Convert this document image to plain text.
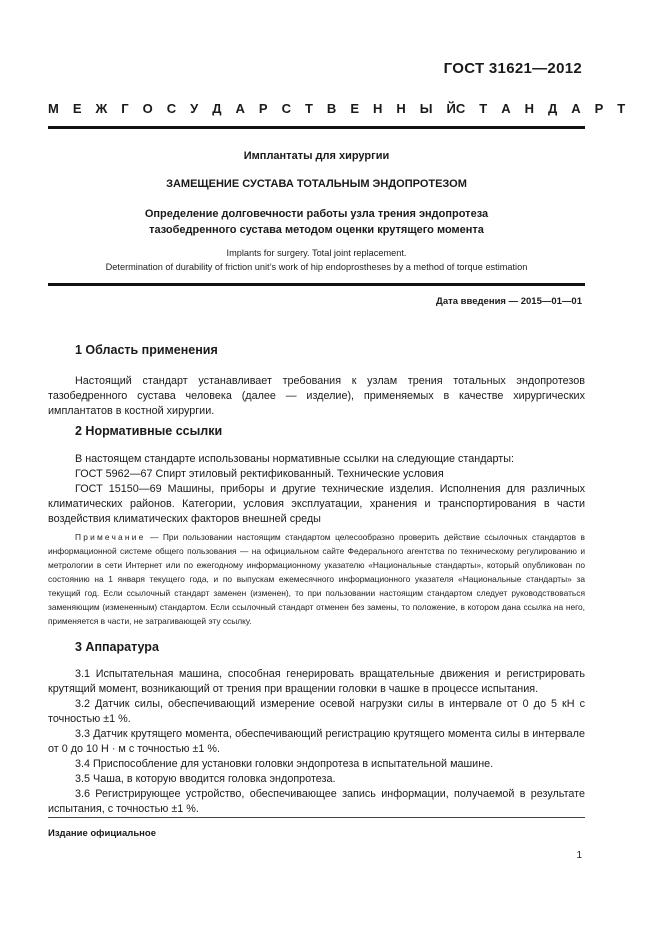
ГОСТ 31621—2012
М Е Ж Г О С У Д А Р С Т В Е Н Н Ы Й С Т А Н Д А Р Т
Имплантаты для хирургии
ЗАМЕЩЕНИЕ СУСТАВА ТОТАЛЬНЫМ ЭНДОПРОТЕЗОМ
Определение долговечности работы узла трения эндопротеза
тазобедренного сустава методом оценки крутящего момента
Implants for surgery. Total joint replacement.
Determination of durability of friction unit’s work of hip endoprostheses by a method of torque estimation
Дата введения — 2015—01—01
1 Область применения

Настоящий стандарт устанавливает требования к узлам трения тотальных эндопротезов тазобедренного сустава человека (далее — изделие), применяемых в качестве хирургических имплантатов в костной хирургии.

2 Нормативные ссылки

В настоящем стандарте использованы нормативные ссылки на следующие стандарты:

ГОСТ 5962—67 Спирт этиловый ректификованный. Технические условия

ГОСТ 15150—69 Машины, приборы и другие технические изделия. Исполнения для различных климатических районов. Категории, условия эксплуатации, хранения и транспортирования в части воздействия климатических факторов внешней среды

Примечание — При пользовании настоящим стандартом целесообразно проверить действие ссылочных стандартов в информационной системе общего пользования — на официальном сайте Федерального агентства по техническому регулированию и метрологии в сети Интернет или по ежегодному информационному указателю «Национальные стандарты», который опубликован по состоянию на 1 января текущего года, и по выпускам ежемесячного информационного указателя «Национальные стандарты» за текущий год. Если ссылочный стандарт заменен (изменен), то при пользовании настоящим стандартом следует руководствоваться заменяющим (измененным) стандартом. Если ссылочный стандарт отменен без замены, то положение, в котором дана ссылка на него, применяется в части, не затрагивающей эту ссылку.
3 Аппаратура

3.1 Испытательная машина, способная генерировать вращательные движения и регистрировать крутящий момент, возникающий от трения при вращении головки в чашке в процессе испытания.

3.2 Датчик силы, обеспечивающий измерение осевой нагрузки силы в интервале от 0 до 5 кН с точностью ±1 %.

3.3 Датчик крутящего момента, обеспечивающий регистрацию крутящего момента силы в интервале от 0 до 10 Н · м с точностью ±1 %.

3.4 Приспособление для установки головки эндопротеза в испытательной машине.

3.5 Чаша, в которую вводится головка эндопротеза.

3.6 Регистрирующее устройство, обеспечивающее запись информации, получаемой в результате испытания, с точностью ±1 %.

Издание официальное
1
